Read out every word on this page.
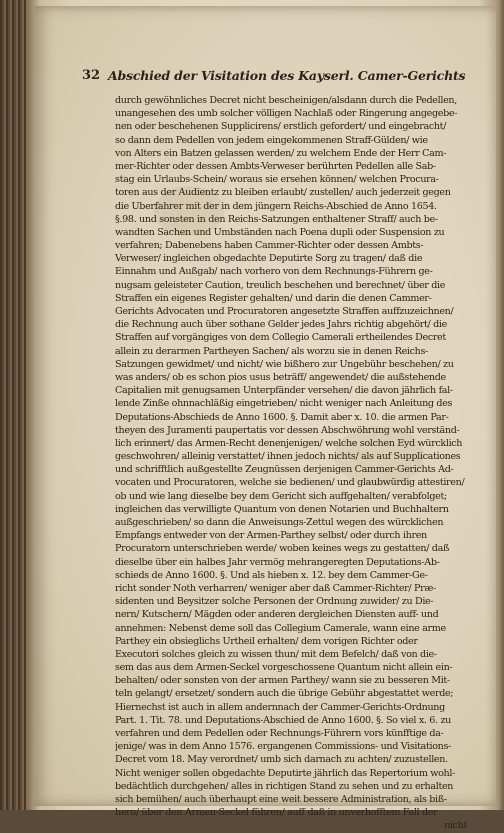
32 Abschied der Visitation des Kayserl. Camer-Gerichts
durch gewöhnliches Decret nicht bescheinigen/alsdann durch die Pedellen,
unangesehen des umb solcher völligen Nachlaß oder Ringerung angegebe-
nen oder beschehenen Supplicirens/ erstlich gefordert/ und eingebracht/
so dann dem Pedellen von jedem eingekommenen Straff-Gülden/ wie
von Alters ein Batzen gelassen werden/ zu welchem Ende der Herr Cam-
mer-Richter oder dessen Ambts-Verweser berührten Pedellen alle Sab-
stag ein Urlaubs-Schein/ woraus sie ersehen können/ welchen Procura-
toren aus der Audientz zu bleiben erlaubt/ zustellen/ auch jederzeit gegen
die Uberfahrer mit der in dem jüngern Reichs-Abschied de Anno 1654.
§.98. und sonsten in den Reichs-Satzungen enthaltener Straff/ auch be-
wandten Sachen und Umbständen nach Poena dupli oder Suspension zu
verfahren; Dabenebens haben Cammer-Richter oder dessen Ambts-
Verweser/ ingleichen obgedachte Deputirte Sorg zu tragen/ daß die
Einnahm und Außgab/ nach vorhero von dem Rechnungs-Führern ge-
nugsam geleisteter Caution, treulich beschehen und berechnet/ über die
Straffen ein eigenes Register gehalten/ und darin die denen Cammer-
Gerichts Advocaten und Procuratoren angesetzte Straffen auffzuzeichnen/
die Rechnung auch über sothane Gelder jedes Jahrs richtig abgehört/ die
Straffen auf vorgängiges von dem Collegio Camerali ertheilendes Decret
allein zu derarmen Partheyen Sachen/ als worzu sie in denen Reichs-
Satzungen gewidmet/ und nicht/ wie bißhero zur Ungebühr beschehen/ zu
was anders/ ob es schon pios usus beträff/ angewendet/ die außstehende
Capitalien mit genugsamen Unterpfänder versehen/ die davon jährlich fal-
lende Zinße ohnnachläßig eingetrieben/ nicht weniger nach Anleitung des
Deputations-Abschieds de Anno 1600. §. Damit aber x. 10. die armen Par-
theyen des Juramenti paupertatis vor dessen Abschwöhrung wohl verständ-
lich erinnert/ das Armen-Recht denenjenigen/ welche solchen Eyd würcklich
geschwohren/ alleinig verstattet/ ihnen jedoch nichts/ als auf Supplicationes
und schrifftlich außgestellte Zeugnüssen derjenigen Cammer-Gerichts Ad-
vocaten und Procuratoren, welche sie bedienen/ und glaubwürdig attestiren/
ob und wie lang dieselbe bey dem Gericht sich auffgehalten/ verabfolget;
ingleichen das verwilligte Quantum von denen Notarien und Buchhaltern
außgeschrieben/ so dann die Anweisungs-Zettul wegen des würcklichen
Empfangs entweder von der Armen-Parthey selbst/ oder durch ihren
Procuratorn unterschrieben werde/ woben keines wegs zu gestatten/ daß
dieselbe über ein halbes Jahr vermög mehrangeregten Deputations-Ab-
schieds de Anno 1600. §. Und als hieben x. 12. bey dem Cammer-Ge-
richt sonder Noth verharren/ weniger aber daß Cammer-Richter/ Præ-
sidenten und Beysitzer solche Personen der Ordnung zuwider/ zu Die-
nern/ Kutschern/ Mägden oder anderen dergleichen Diensten auff- und
annehmen: Nebenst deme soll das Collegium Camerale, wann eine arme
Parthey ein obsieglichs Urtheil erhalten/ dem vorigen Richter oder
Executori solches gleich zu wissen thun/ mit dem Befelch/ daß von die-
sem das aus dem Armen-Seckel vorgeschossene Quantum nicht allein ein-
behalten/ oder sonsten von der armen Parthey/ wann sie zu besseren Mit-
teln gelangt/ ersetzet/ sondern auch die übrige Gebühr abgestattet werde;
Hiernechst ist auch in allem andernnach der Cammer-Gerichts-Ordnung
Part. 1. Tit. 78. und Deputations-Abschied de Anno 1600. §. So viel x. 6. zu
verfahren und dem Pedellen oder Rechnungs-Führern vors künfftige da-
jenige/ was in dem Anno 1576. ergangenen Commissions- und Visitations-
Decret vom 18. May verordnet/ umb sich darnach zu achten/ zuzustellen.
Nicht weniger sollen obgedachte Deputirte jährlich das Repertorium wohl-
bedächtlich durchgehen/ alles in richtigen Stand zu sehen und zu erhalten
sich bemühen/ auch überhaupt eine weit bessere Administration, als biß-
hero/ über den Armen-Seckel führen/ auff daß in unverhofftem Fall der
nicht
